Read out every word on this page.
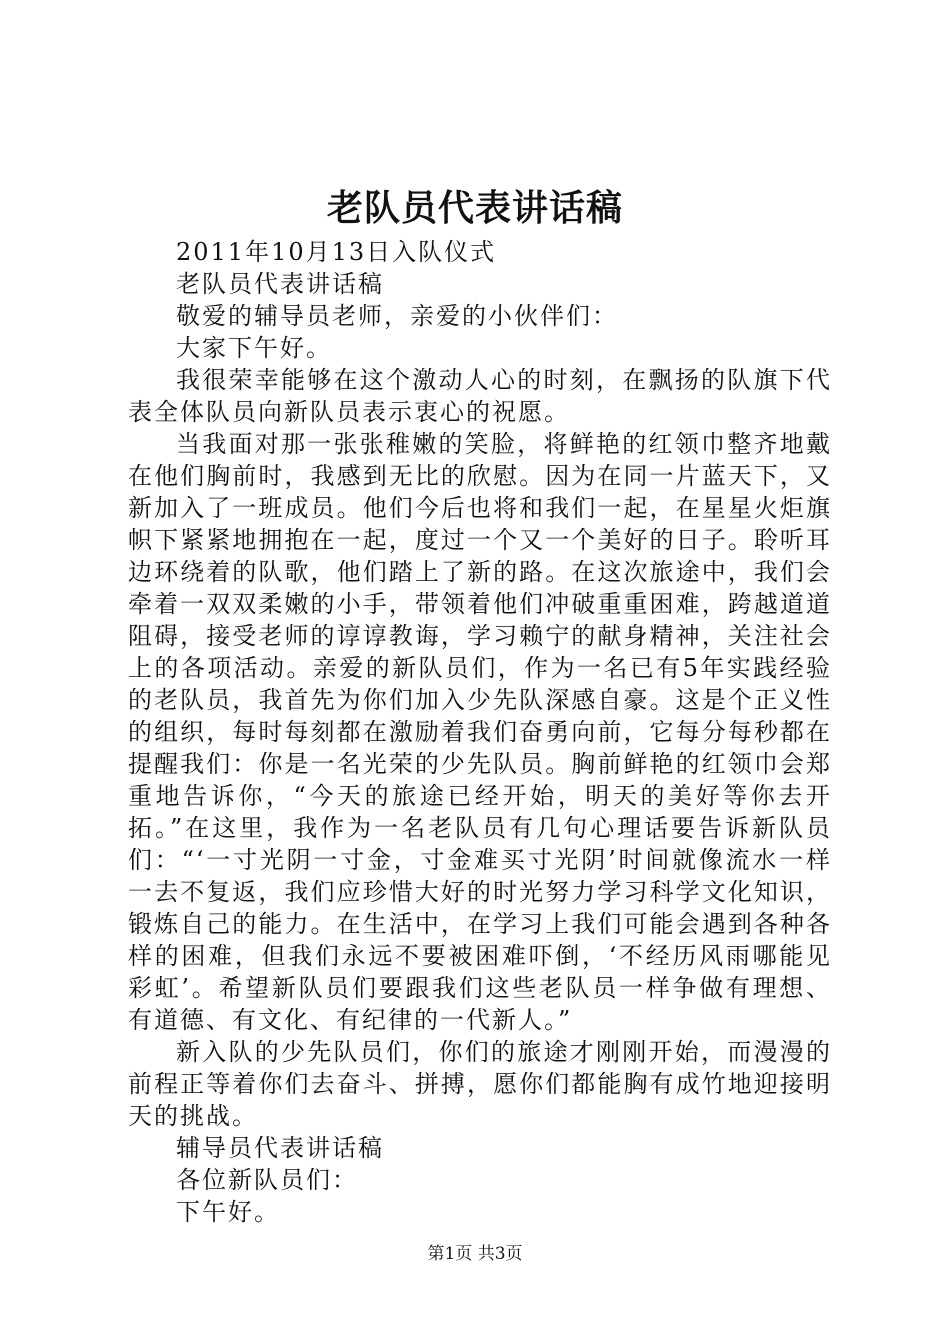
老队员代表讲话稿

2011年10月13日入队仪式

老队员代表讲话稿

敬爱的辅导员老师，亲爱的小伙伴们：

大家下午好。

我很荣幸能够在这个激动人心的时刻，在飘扬的队旗下代表全体队员向新队员表示衷心的祝愿。

当我面对那一张张稚嫩的笑脸，将鲜艳的红领巾整齐地戴在他们胸前时，我感到无比的欣慰。因为在同一片蓝天下，又新加入了一班成员。他们今后也将和我们一起，在星星火炬旗帜下紧紧地拥抱在一起，度过一个又一个美好的日子。聆听耳边环绕着的队歌，他们踏上了新的路。在这次旅途中，我们会牵着一双双柔嫩的小手，带领着他们冲破重重困难，跨越道道阻碍，接受老师的谆谆教诲，学习赖宁的献身精神，关注社会上的各项活动。亲爱的新队员们，作为一名已有5年实践经验的老队员，我首先为你们加入少先队深感自豪。这是个正义性的组织，每时每刻都在激励着我们奋勇向前，它每分每秒都在提醒我们：你是一名光荣的少先队员。胸前鲜艳的红领巾会郑重地告诉你，“今天的旅途已经开始，明天的美好等你去开拓。”在这里，我作为一名老队员有几句心理话要告诉新队员们：“‘一寸光阴一寸金，寸金难买寸光阴’时间就像流水一样一去不复返，我们应珍惜大好的时光努力学习科学文化知识，锻炼自己的能力。在生活中，在学习上我们可能会遇到各种各样的困难，但我们永远不要被困难吓倒，‘不经历风雨哪能见彩虹’。希望新队员们要跟我们这些老队员一样争做有理想、有道德、有文化、有纪律的一代新人。”

新入队的少先队员们，你们的旅途才刚刚开始，而漫漫的前程正等着你们去奋斗、拼搏，愿你们都能胸有成竹地迎接明天的挑战。

辅导员代表讲话稿

各位新队员们：

下午好。

第1页 共3页
